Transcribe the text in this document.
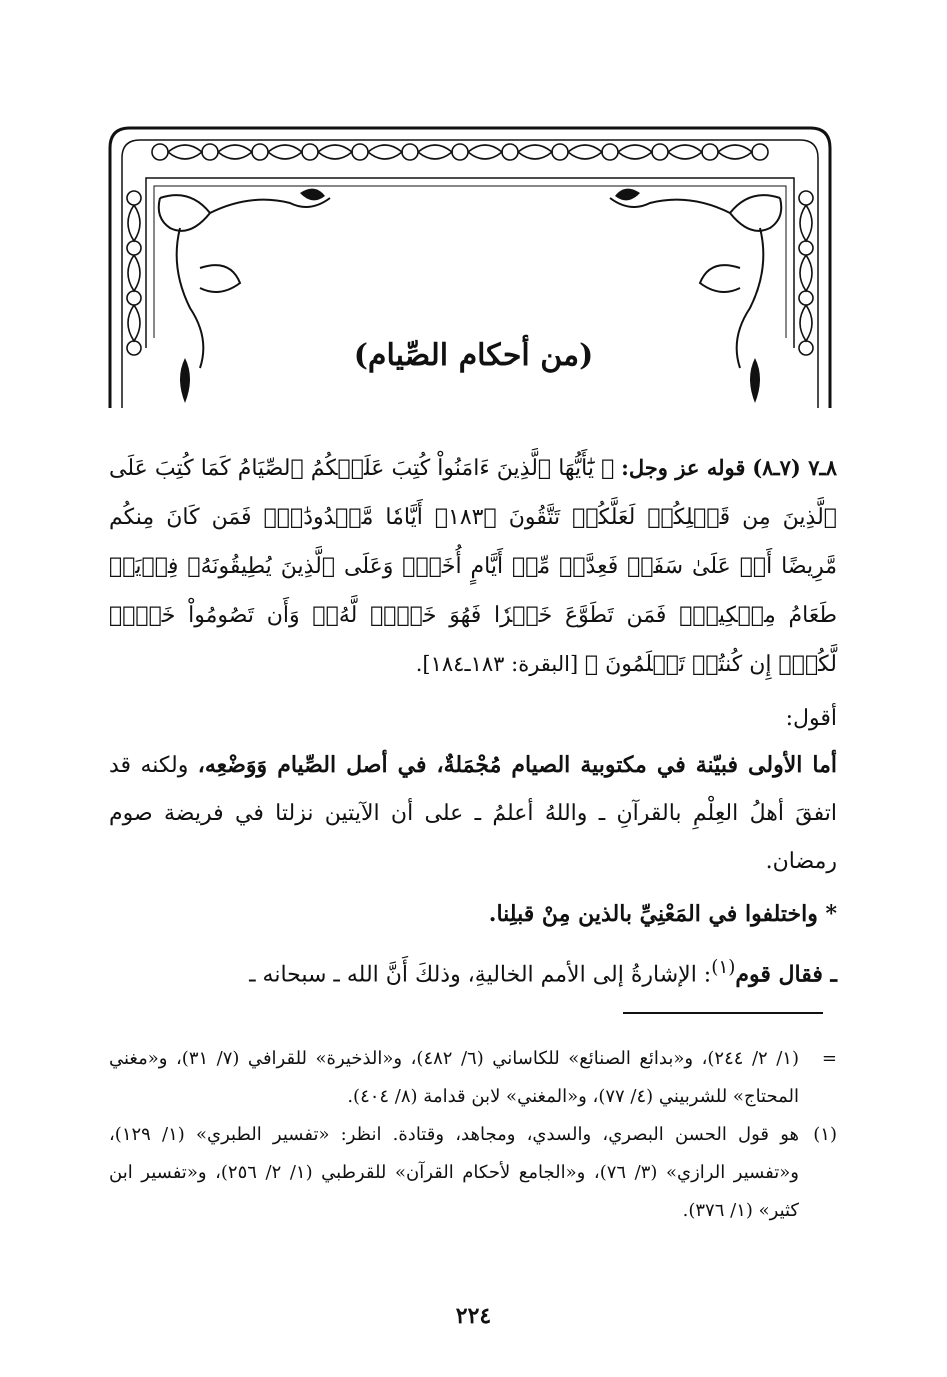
(من أحكام الصِّيام)
٨ـ٧ (٧ـ٨) قوله عز وجل: ﴿ يَٰٓأَيُّهَا ٱلَّذِينَ ءَامَنُواْ كُتِبَ عَلَيۡكُمُ ٱلصِّيَامُ كَمَا كُتِبَ عَلَى ٱلَّذِينَ مِن قَبۡلِكُمۡ لَعَلَّكُمۡ تَتَّقُونَ ﴿١٨٣﴾ أَيَّامٗا مَّعۡدُودَٰتٖۚ فَمَن كَانَ مِنكُم مَّرِيضًا أَوۡ عَلَىٰ سَفَرٖ فَعِدَّةٞ مِّنۡ أَيَّامٍ أُخَرَۚ وَعَلَى ٱلَّذِينَ يُطِيقُونَهُۥ فِدۡيَةٞ طَعَامُ مِسۡكِينٖۖ فَمَن تَطَوَّعَ خَيۡرٗا فَهُوَ خَيۡرٞ لَّهُۥۚ وَأَن تَصُومُواْ خَيۡرٞ لَّكُمۡۖ إِن كُنتُمۡ تَعۡلَمُونَ ﴾ [البقرة: ١٨٣ـ١٨٤].
أقول:
أما الأولى فبيّنة في مكتوبية الصيام مُجْمَلةٌ، في أصل الصِّيام وَوَضْعِه، ولكنه قد اتفقَ أهلُ العِلْمِ بالقرآنِ ـ واللهُ أعلمُ ـ على أن الآيتين نزلتا في فريضة صوم رمضان.
* واختلفوا في المَعْنِيِّ بالذين مِنْ قبلِنا.
ـ فقال قوم$^{(١)}$: الإشارةُ إلى الأمم الخاليةِ، وذلكَ أَنَّ الله ـ سبحانه ـ
=
(١/ ٢/ ٢٤٤)، و«بدائع الصنائع» للكاساني (٦/ ٤٨٢)، و«الذخيرة» للقرافي (٧/ ٣١)، و«مغني المحتاج» للشربيني (٤/ ٧٧)، و«المغني» لابن قدامة (٨/ ٤٠٤).
(١)
هو قول الحسن البصري، والسدي، ومجاهد، وقتادة. انظر: «تفسير الطبري» (١/ ١٢٩)، و«تفسير الرازي» (٣/ ٧٦)، و«الجامع لأحكام القرآن» للقرطبي (١/ ٢/ ٢٥٦)، و«تفسير ابن كثير» (١/ ٣٧٦).
٢٢٤
